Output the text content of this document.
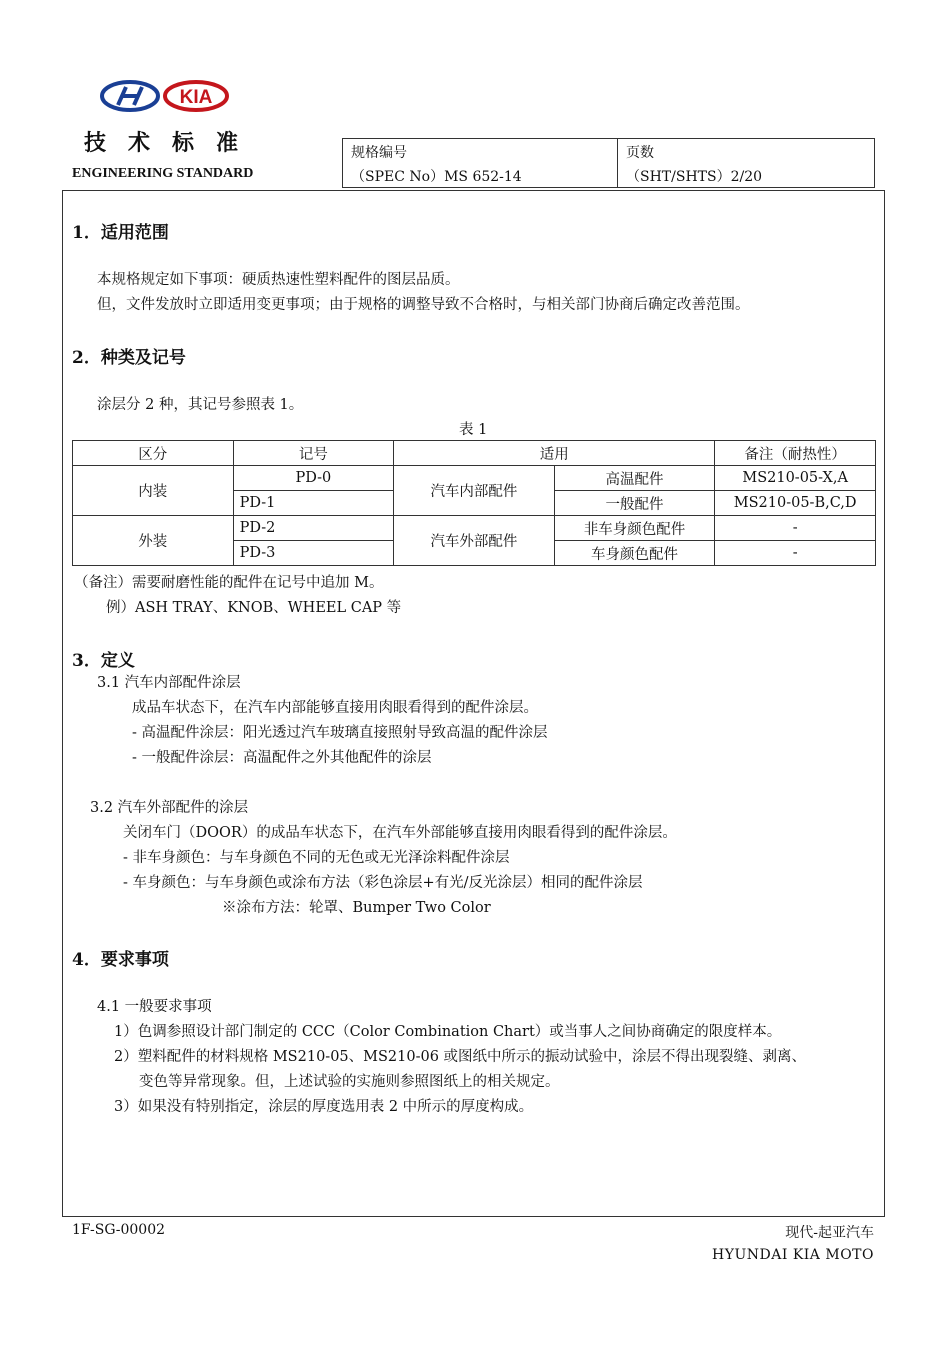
KIA
技术标准
ENGINEERING STANDARD
规格编号
（SPEC No）MS 652-14
页数
（SHT/SHTS）2/20
1．适用范围
本规格规定如下事项：硬质热速性塑料配件的图层品质。
但，文件发放时立即适用变更事项；由于规格的调整导致不合格时，与相关部门协商后确定改善范围。
2．种类及记号
涂层分 2 种，其记号参照表 1。
表 1
区分	记号	适用		备注（耐热性）
内装	PD-0	汽车内部配件	高温配件	MS210-05-X,A
	PD-1		一般配件	MS210-05-B,C,D
外装	PD-2	汽车外部配件	非车身颜色配件	-
	PD-3		车身颜色配件	-
（备注）需要耐磨性能的配件在记号中追加 M。
例）ASH TRAY、KNOB、WHEEL CAP 等
3．定义
3.1 汽车内部配件涂层
成品车状态下，在汽车内部能够直接用肉眼看得到的配件涂层。
- 高温配件涂层：阳光透过汽车玻璃直接照射导致高温的配件涂层
- 一般配件涂层：高温配件之外其他配件的涂层
3.2 汽车外部配件的涂层
关闭车门（DOOR）的成品车状态下，在汽车外部能够直接用肉眼看得到的配件涂层。
- 非车身颜色：与车身颜色不同的无色或无光泽涂料配件涂层
- 车身颜色：与车身颜色或涂布方法（彩色涂层+有光/反光涂层）相同的配件涂层
※涂布方法：轮罩、Bumper Two Color
4．要求事项
4.1 一般要求事项
1）色调参照设计部门制定的 CCC（Color Combination Chart）或当事人之间协商确定的限度样本。
2）塑料配件的材料规格 MS210-05、MS210-06 或图纸中所示的振动试验中，涂层不得出现裂缝、剥离、
变色等异常现象。但，上述试验的实施则参照图纸上的相关规定。
3）如果没有特别指定，涂层的厚度选用表 2 中所示的厚度构成。
1F-SG-00002	现代-起亚汽车
HYUNDAI KIA MOTO
